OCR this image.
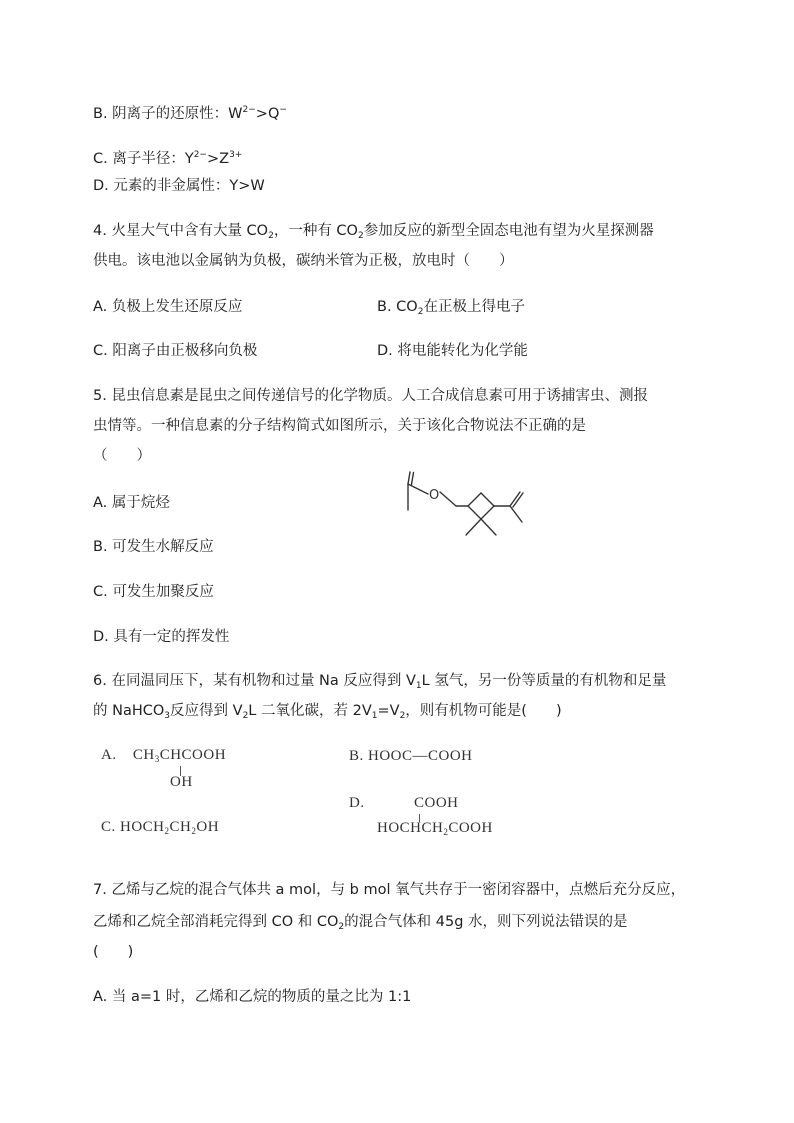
B. 阴离子的还原性：$W^{2-}>Q^-$
C. 离子半径：$Y^{2-}>Z^{3+}$
D. 元素的非金属性：Y>W
4. 火星大气中含有大量 $CO_2$，一种有 $CO_2$参加反应的新型全固态电池有望为火星探测器
供电。该电池以金属钠为负极，碳纳米管为正极，放电时（　　）
A. 负极上发生还原反应	B. $CO_2$在正极上得电子
C. 阳离子由正极移向负极	D. 将电能转化为化学能
5. 昆虫信息素是昆虫之间传递信号的化学物质。人工合成信息素可用于诱捕害虫、测报
虫情等。一种信息素的分子结构简式如图所示，关于该化合物说法不正确的是
（　　）
A. 属于烷烃
B. 可发生水解反应
C. 可发生加聚反应
D. 具有一定的挥发性
O
6. 在同温同压下，某有机物和过量 Na 反应得到 $V_1L$ 氢气，另一份等质量的有机物和足量
的 NaHCO$_3$反应得到 $V_2L$ 二氧化碳，若 $2V_1=V_2$，则有机物可能是(　　)
A. $CH_3CHCOOH$
OH
B. HOOC—COOH
C. $HOCH_2CH_2OH$
D.	COOH
$HOCHCH_2COOH$
7. 乙烯与乙烷的混合气体共 a mol，与 b mol 氧气共存于一密闭容器中，点燃后充分反应，
乙烯和乙烷全部消耗完得到 CO 和 $CO_2$的混合气体和 45g 水，则下列说法错误的是
(　　)
A. 当 a=1 时，乙烯和乙烷的物质的量之比为 1:1
